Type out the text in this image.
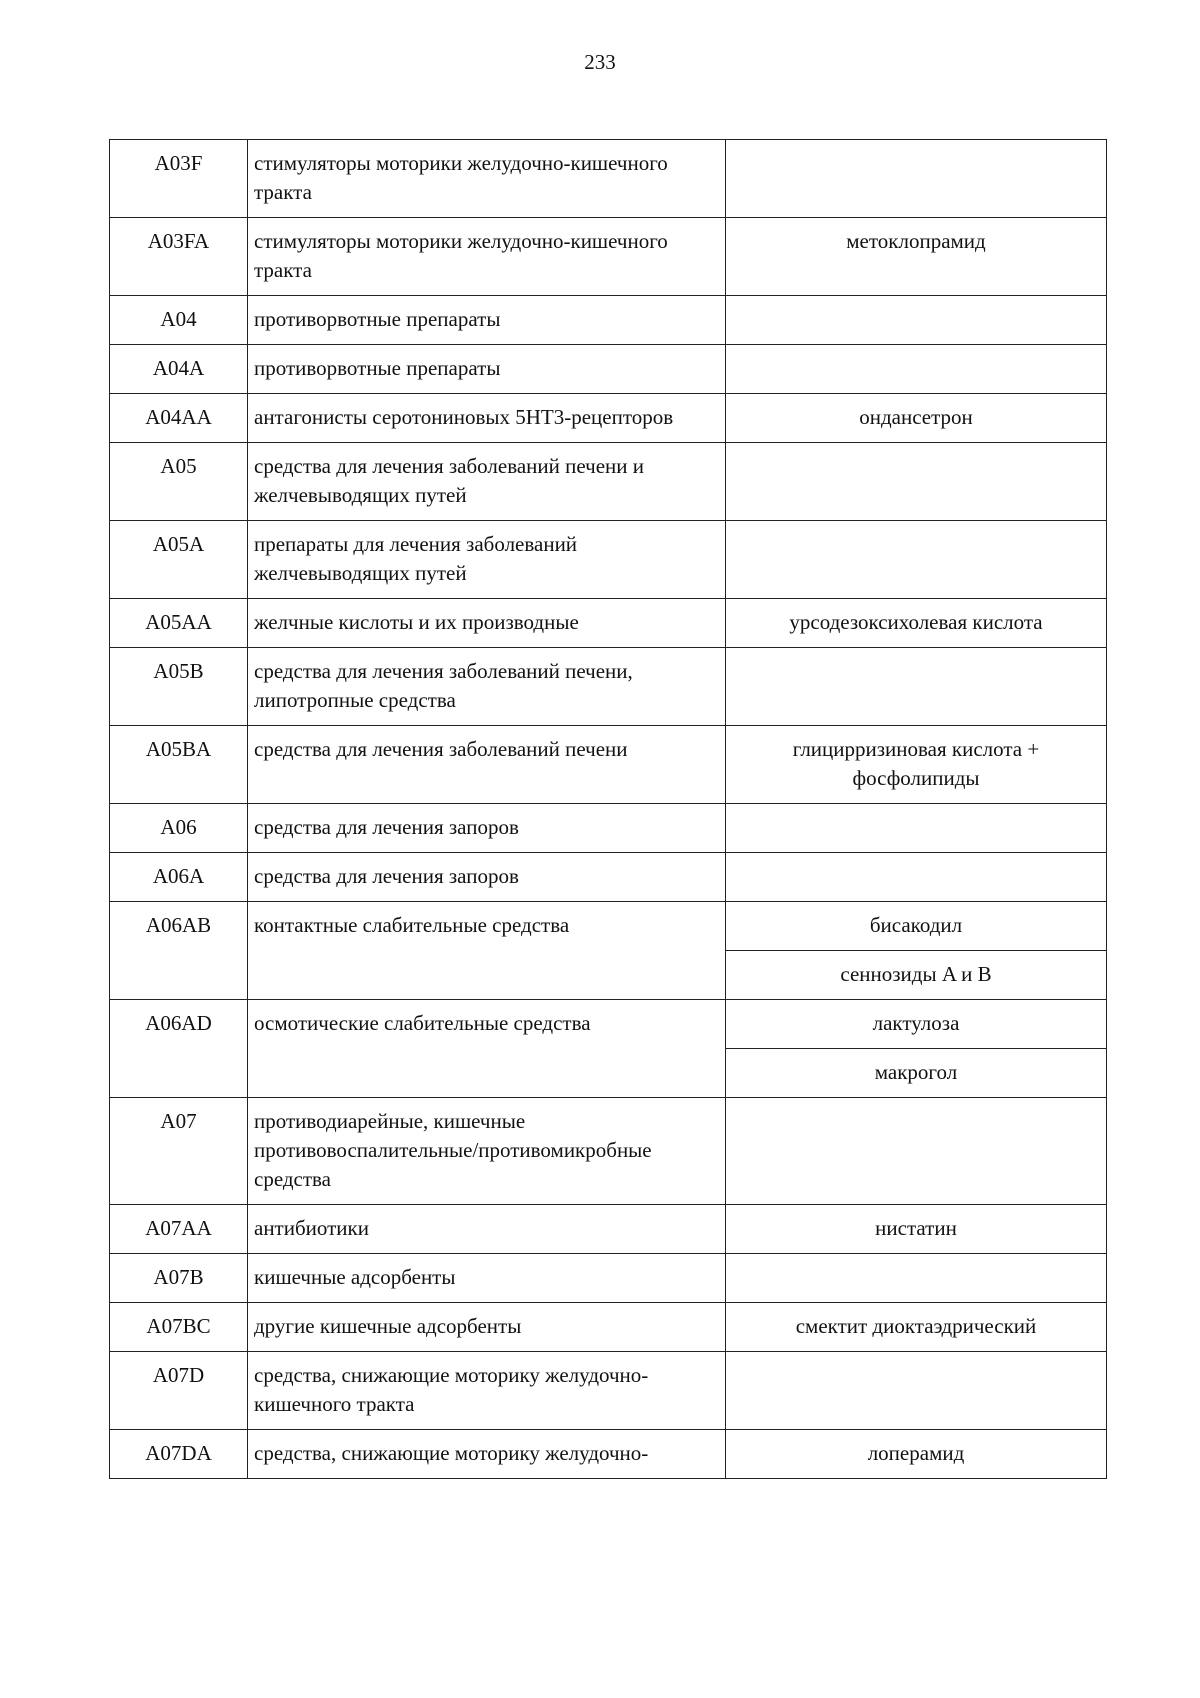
233
A03F	стимуляторы моторики желудочно-кишечного тракта	
A03FA	стимуляторы моторики желудочно-кишечного тракта	метоклопрамид
A04	противорвотные препараты	
A04A	противорвотные препараты	
A04AA	антагонисты серотониновых 5HT3-рецепторов	ондансетрон
A05	средства для лечения заболеваний печени и желчевыводящих путей	
A05A	препараты для лечения заболеваний желчевыводящих путей	
A05AA	желчные кислоты и их производные	урсодезоксихолевая кислота
A05B	средства для лечения заболеваний печени, липотропные средства	
A05BA	средства для лечения заболеваний печени	глицирризиновая кислота + фосфолипиды
A06	средства для лечения запоров	
A06A	средства для лечения запоров	
A06AB	контактные слабительные средства	бисакодил
		сеннозиды A и B
A06AD	осмотические слабительные средства	лактулоза
		макрогол
A07	противодиарейные, кишечные противовоспалительные/противомикробные средства	
A07AA	антибиотики	нистатин
A07B	кишечные адсорбенты	
A07BC	другие кишечные адсорбенты	смектит диоктаэдрический
A07D	средства, снижающие моторику желудочно-кишечного тракта	
A07DA	средства, снижающие моторику желудочно-	лоперамид
